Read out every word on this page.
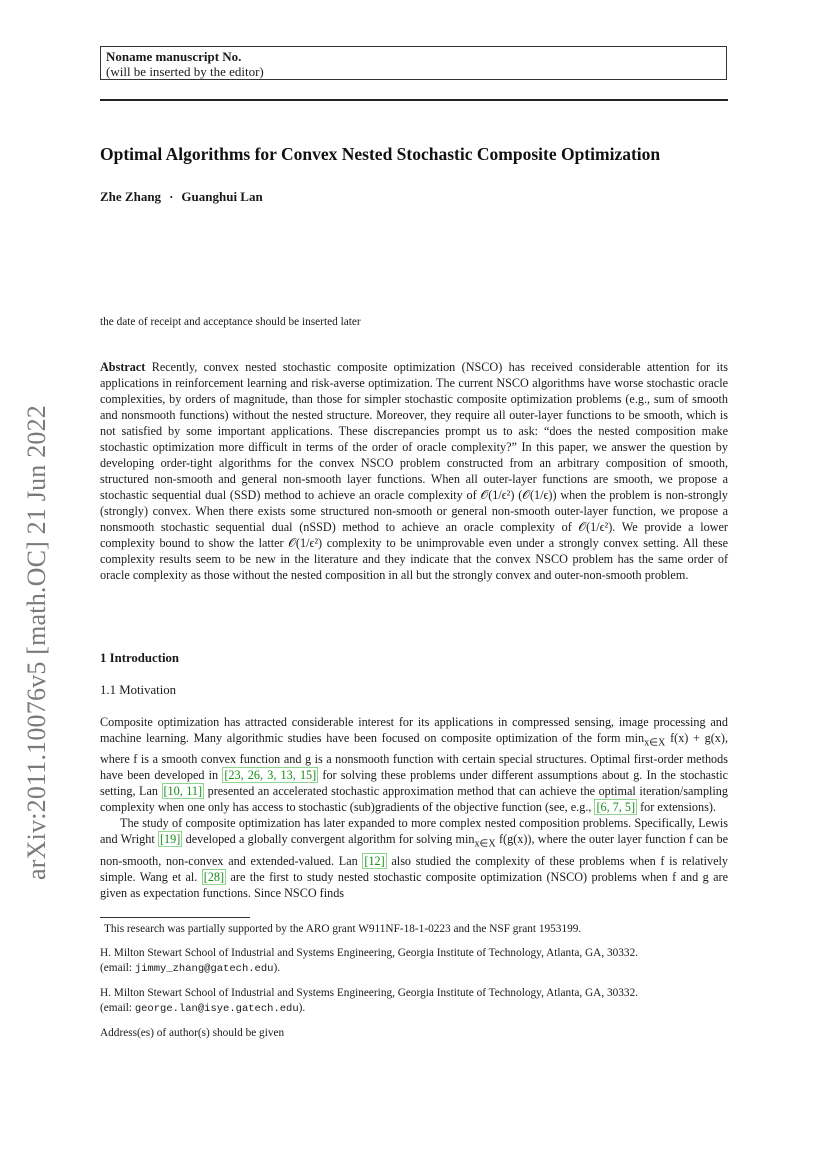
arXiv:2011.10076v5 [math.OC] 21 Jun 2022
Noname manuscript No.
(will be inserted by the editor)
Optimal Algorithms for Convex Nested Stochastic Composite Optimization
Zhe Zhang · Guanghui Lan
the date of receipt and acceptance should be inserted later
Abstract Recently, convex nested stochastic composite optimization (NSCO) has received considerable attention for its applications in reinforcement learning and risk-averse optimization. The current NSCO algorithms have worse stochastic oracle complexities, by orders of magnitude, than those for simpler stochastic composite optimization problems (e.g., sum of smooth and nonsmooth functions) without the nested structure. Moreover, they require all outer-layer functions to be smooth, which is not satisfied by some important applications. These discrepancies prompt us to ask: “does the nested composition make stochastic optimization more difficult in terms of the order of oracle complexity?” In this paper, we answer the question by developing order-tight algorithms for the convex NSCO problem constructed from an arbitrary composition of smooth, structured non-smooth and general non-smooth layer functions. When all outer-layer functions are smooth, we propose a stochastic sequential dual (SSD) method to achieve an oracle complexity of 𝒪(1/ϵ²) (𝒪(1/ϵ)) when the problem is non-strongly (strongly) convex. When there exists some structured non-smooth or general non-smooth outer-layer function, we propose a nonsmooth stochastic sequential dual (nSSD) method to achieve an oracle complexity of 𝒪(1/ϵ²). We provide a lower complexity bound to show the latter 𝒪(1/ϵ²) complexity to be unimprovable even under a strongly convex setting. All these complexity results seem to be new in the literature and they indicate that the convex NSCO problem has the same order of oracle complexity as those without the nested composition in all but the strongly convex and outer-non-smooth problem.
1 Introduction
1.1 Motivation

Composite optimization has attracted considerable interest for its applications in compressed sensing, image processing and machine learning. Many algorithmic studies have been focused on composite optimization of the form $\min_{x\in X} f(x) + g(x)$, where f is a smooth convex function and g is a nonsmooth function with certain special structures. Optimal first-order methods have been developed in [23, 26, 3, 13, 15] for solving these problems under different assumptions about g. In the stochastic setting, Lan [10, 11] presented an accelerated stochastic approximation method that can achieve the optimal iteration/sampling complexity when one only has access to stochastic (sub)gradients of the objective function (see, e.g., [6, 7, 5] for extensions).

The study of composite optimization has later expanded to more complex nested composition problems. Specifically, Lewis and Wright [19] developed a globally convergent algorithm for solving $\min_{x\in X} f(g(x))$, where the outer layer function f can be non-smooth, non-convex and extended-valued. Lan [12] also studied the complexity of these problems when f is relatively simple. Wang et al. [28] are the first to study nested stochastic composite optimization (NSCO) problems when f and g are given as expectation functions. Since NSCO finds

This research was partially supported by the ARO grant W911NF-18-1-0223 and the NSF grant 1953199.
H. Milton Stewart School of Industrial and Systems Engineering, Georgia Institute of Technology, Atlanta, GA, 30332.
(email: jimmy_zhang@gatech.edu).
H. Milton Stewart School of Industrial and Systems Engineering, Georgia Institute of Technology, Atlanta, GA, 30332.
(email: george.lan@isye.gatech.edu).
Address(es) of author(s) should be given
